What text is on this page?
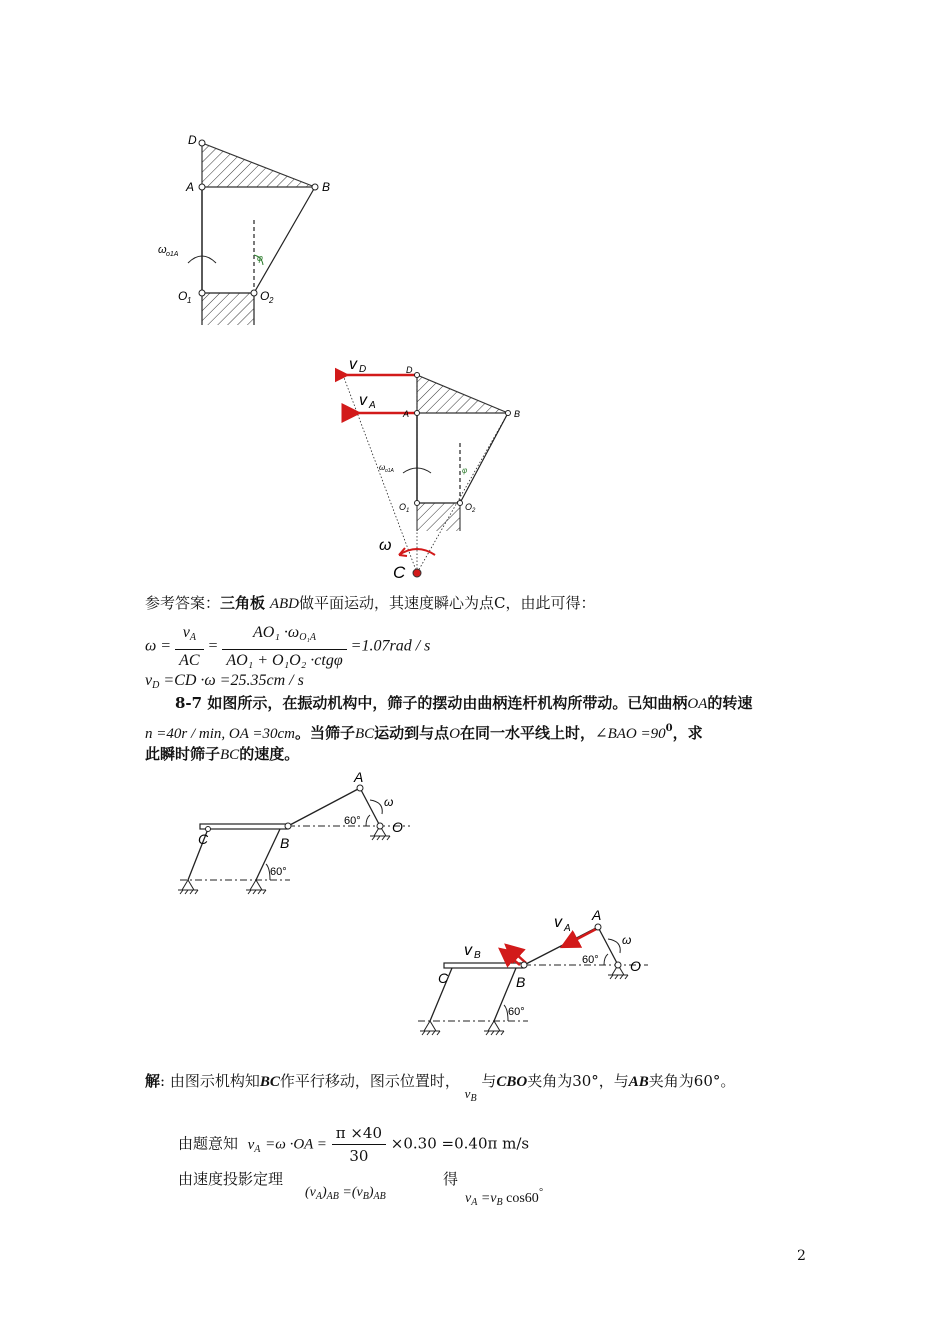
D
A	B
O 1	O 2
ω o1A	φ
v D
v A
D
A	B
O 1	O 2
ω o1A	φ
ω
C
参考答案：三角板 ABD做平面运动，其速度瞬心为点C，由此可得：
$\omega = \frac{v_A}{AC} = \frac{AO_1 \cdot\omega_{O_1A}}{\text{AO₁ + O₁O₂ ·ctgφ}} =1.07rad / s$
$v_D =CD \cdot\omega =25.35cm / s$
8-7 如图所示，在振动机构中，筛子的摆动由曲柄连杆机构所带动。已知曲柄OA的转速
n =40r / min, OA =30cm。当筛子BC运动到与点O在同一水平线上时，∠BAO $=90^0$，求
此瞬时筛子BC的速度。
A
ω
60° O
C	B
60°
v A
A
ω
v B	60° O
C	B
60°
解: 由图示机构知BC作平行移动，图示位置时， $v_B$ 与CBO夹角为30°，与AB夹角为60°。
由题意知 $v_A =\omega \cdot OA = \frac{\pi \times 40}{30} \times 0.30 =0.40\pi$ m/s
由速度投影定理
$(v_A)_{AB} =(v_B)_{AB}$
得
$v_A =v_B$ cos60°
2
